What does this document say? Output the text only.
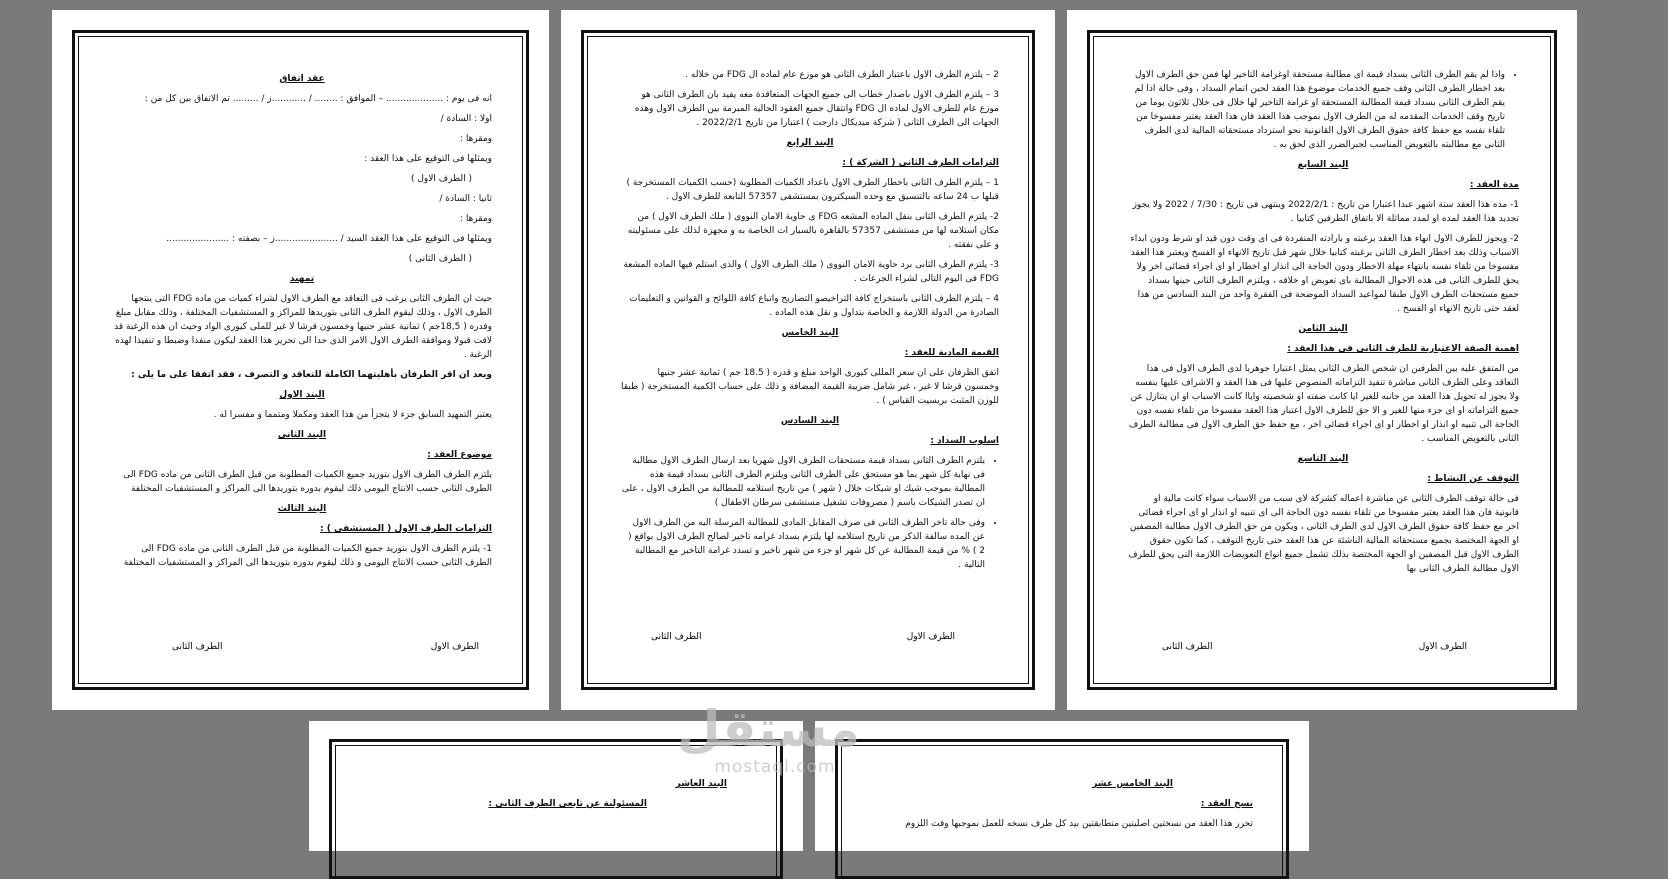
عقد اتفاق

انه فى يوم : .................... – الموافق : ........ / ............ز / ......... تم الاتفاق بين كل من :

اولا : السادة /

ومقرها :

ويمثلها فى التوقيع على هذا العقد :

( الطرف الاول )

ثانيا : السادة /

ومقرها :

ويمثلها فى التوقيع على هذا العقد السيد / ......................ز – بصفته : ......................

( الطرف الثانى )

تمهيد

حيث ان الطرف الثانى يرغب فى التعاقد مع الطرف الاول لشراء كميات من ماده FDG التى ينتجها الطرف الاول ، وذلك ليقوم الطرف الثانى بتوريدها للمراكز و المستشفيات المختلفة ، وذلك مقابل مبلغ وقدره ( 18,5جم ) ثمانية عشر جنيها وخمسون قرشا لا غير للملى كيورى الواد وحيث ان هذه الرغبة قد لاقت قبولا وموافقة الطرف الاول الامر الذى حدا الى تحرير هذا العقد ليكون منفذا وضبطا و تنفيذا لهذه الرغبة .

وبعد ان اقر الطرفان بأهليتهما الكاملة للتعاقد و التصرف ، فقد اتفقا على ما يلى :

البند الاول

يعتبر التمهيد السابق جزء لا يتجزأ من هذا العقد ومكملا ومتمما و مفسرا له .

البند الثانى

موضوع العقد :

يلتزم الطرف الطرف الاول بتوريد جميع الكميات المطلوبة من قبل الطرف الثانى من ماده FDG الى الطرف الثانى حسب الانتاج اليومى ذلك ليقوم بدوره بتوريدها الى المراكز و المستشفيات المختلفة

البند الثالث

التزامات الطرف الاول ( المستشفى ) :

1- يلتزم الطرف الاول بتوريد جميع الكميات المطلوبة من قبل الطرف الثانى من ماده FDG الى الطرف الثانى حسب الانتاج اليومى و ذلك ليقوم بدوره بتوريدها الى المراكز و المستشفيات المختلفة

الطرف الاول
الطرف الثانى

2 – يلتزم الطرف الاول باعتبار الطرف الثانى هو موزع عام لماده ال FDG من خلاله .

3 – يلتزم الطرف الاول باصدار خطاب الى جميع الجهات المتعاقدة معه يفيد بان الطرف الثانى هو موزع عام للطرف الاول لماده ال FDG وانتقال جميع العقود الحالية المبرمة بين الطرف الاول وهذه الجهات الى الطرف الثانى ( شركة ميديكال دارجت ) اعتبارا من تاريخ 2022/2/1 .

البند الرابع

التزامات الطرف الثانى ( الشركة ) :

1 – يلتزم الطرف الثانى باخطار الطرف الاول باعداد الكميات المطلوبة (حسب الكميات المستخرجة ) قبلها ب 24 ساعه بالتنسيق مع وحده السيكترون بمستشفى 57357 التابعه للطرف الاول .

2- يلتزم الطرف الثانى بنقل الماده المشعه FDG ى حاوية الامان النووى ( ملك الطرف الاول ) من مكان استلامه لها من مستشفى 57357 بالقاهرة بالسيار ات الخاصة به و مجهزة لذلك على مسئوليته و على نفقته .

3- يلتزم الطرف الثانى برد حاوية الامان النووى ( ملك الطرف الاول ) والذى استلم فيها الماده المشعة FDG فى اليوم التالى لشراء الجرعات .

4 – يلتزم الطرف الثانى باستخراج كافة التراخيصو التصاريح واتباع كافة اللوائح و القوانين و التعليمات الصادرة من الدولة اللازمة و الخاصة بتداول و نقل هذه الماده .

البند الخامس

القيمة المادية للعقد :

اتفق الطرفان على ان سعر المللى كيورى الواحد مبلغ و قدره ( 18.5 جم ) ثمانية عشر جنيها وخمسون قرشا لا غير ، غير شامل ضريبة القيمة المضافة و ذلك على حساب الكمية المستخرجة ( طبقا للوزن المثبت بريسيت القياس ) .

البند السادس

اسلوب السداد :

• يلتزم الطرف الثانى بسداد قيمة مستحقات الطرف الاول شهريا بعد ارسال الطرف الاول مطالبة فى نهاية كل شهر بما هو مستحق على الطرف الثانى ويلتزم الطرف الثانى بسداد قيمة هذه المطالبة بموجب شيك او شيكات خلال ( شهر ) من تاريخ استلامه للمطالبة من الطرف الاول ، على ان تصدر الشيكات باسم ( مصروفات تشغيل مستشفى سرطان الاطفال )
• وفى حالة تاخر الطرف الثانى فى صرف المقابل المادى للمطالبة المرسلة اليه من الطرف الاول عن المده سالفة الذكر من تاريخ استلامه لها يلتزم بسداد غرامه تاخير لصالح الطرف الاول بواقع ( 2 ) % من قيمة المطالبة عن كل شهر او جزء من شهر تاخير و تسدد غرامة التاخير مع المطالبة التالية .
الطرف الاول
الطرف الثانى
• واذا لم يقم الطرف الثانى بسداد قيمة اى مطالبة مستحقة اوغرامة التاخير لها فمن حق الطرف الاول بعد اخطار الطرف الثانى وقف جميع الخدمات موضوع هذا العقد لحين اتمام السداد ، وفى حالة اذا لم يقم الطرف الثانى بسداد قيمة المطالبة المستحقة او غرامة التاخير لها خلال فى خلال ثلاثون يوما من تاريخ وقف الخدمات المقدمه له من الطرف الاول بموجب هذا العقد فان هذا العقد يعتبر مفسوخا من تلقاء نفسه مع حفظ كافة حقوق الطرف الاول القانونية نحو استرداد مستحقاته المالية لدى الطرف الثانى مع مطالبته بالتعويض المناسب لجبرالضرر الذى لحق به .

البند السابع

مدة العقد :

1- مده هذا العقد ستة اشهر عبدا اعتبارا من تاريخ : 2022/2/1 وينتهى فى تاريخ : 7/30 / 2022 ولا يجوز تجديد هذا العقد لمده او لمدد مماثلة الا باتفاق الطرفين كتابيا .

2- ويجوز للطرف الاول انهاء هذا العقد برغبته و بارادته المنفردة فى اى وقت دون قيد او شرط ودون ابداء الاسباب وذلك بعد اخطار الطرف الثانى برغبته كتابيا خلال شهر قبل تاريخ الانهاء او الفسخ ويعتبر هذا العقد مفسوخا من تلقاء نفسه بانتهاء مهلة الاخطار ودون الحاجة الى انذار او اخطار او اى اجراء قضائى اخر ولا يحق للطرف الثانى فى هذه الاحوال المطالبة باى تعويض او خلافه ، ويلتزم الطرف الثانى حينها بسداد جميع مستحقات الطرف الاول طبقا لمواعيد السداد الموضحة فى الفقرة واحد من البند السادس من هذا لعقد حتى تاريخ الانهاء او الفسخ .

البند الثامن

اهمية الصفة الاعتبارية للطرف الثانى فى هذا العقد :

من المتفق عليه بين الطرفين ان شخص الطرف الثانى يمثل اعتبارا جوهريا لدى الطرف الاول فى هذا التعاقد وعلى الطرف الثانى مباشرة تنفيذ التزاماته المنصوص عليها فى هذا العقد و الاشراف عليها بنفسه ولا يجوز له تحويل هذا العقد من جانبه للغير ايا كانت صفته او شخصيته واياا كانت الاسباب او ان يتنازل عن جميع التزاماته او اى جزء منها للغير و الا حق للطرف الاول اعتبار هذا العقد مفسوخا من تلقاء نفسه دون الحاجة الى تنبيه او انذار او اخطار او اى اجراء قضائى اخر ، مع حفظ حق الطرف الاول فى مطالبة الطرف الثانى بالتعويض المناسب .

البند التاسع

التوقف عن النشاط :

فى حالة توقف الطرف الثانى عن مباشرة اعماله كشركة لاى سبب من الاسباب سواء كانت مالية او قانونية فان هذا العقد يعتبر مفسوخا من تلقاء نفسه دون الحاجة الى اى تنبيه او انذار او اى اجراء قضائى اخر مع حفظ كافة حقوق الطرف الاول لدى الطرف الثانى ، ويكون من حق الطرف الاول مطالبة المصفين او الجهة المختصة بجميع مستحقاته المالية الناشئة عن هذا العقد حتى تاريخ التوقف ، كما تكون حقوق الطرف الاول قبل المصفين او الجهة المختصة بذلك تشمل جميع انواع التعويضات اللازمة التى يحق للطرف الاول مطالبة الطرف الثانى بها

الطرف الاول
الطرف الثانى

البند العاشر

المسئولية عن تابعى الطرف الثانى :

البند الخامس عشر

نسخ العقد :

تحرر هذا العقد من نسختين اصليتين متطابقتين بيد كل طرف نسخه للعمل بموجبها وقت اللزوم

مستقل
mostaql.com
